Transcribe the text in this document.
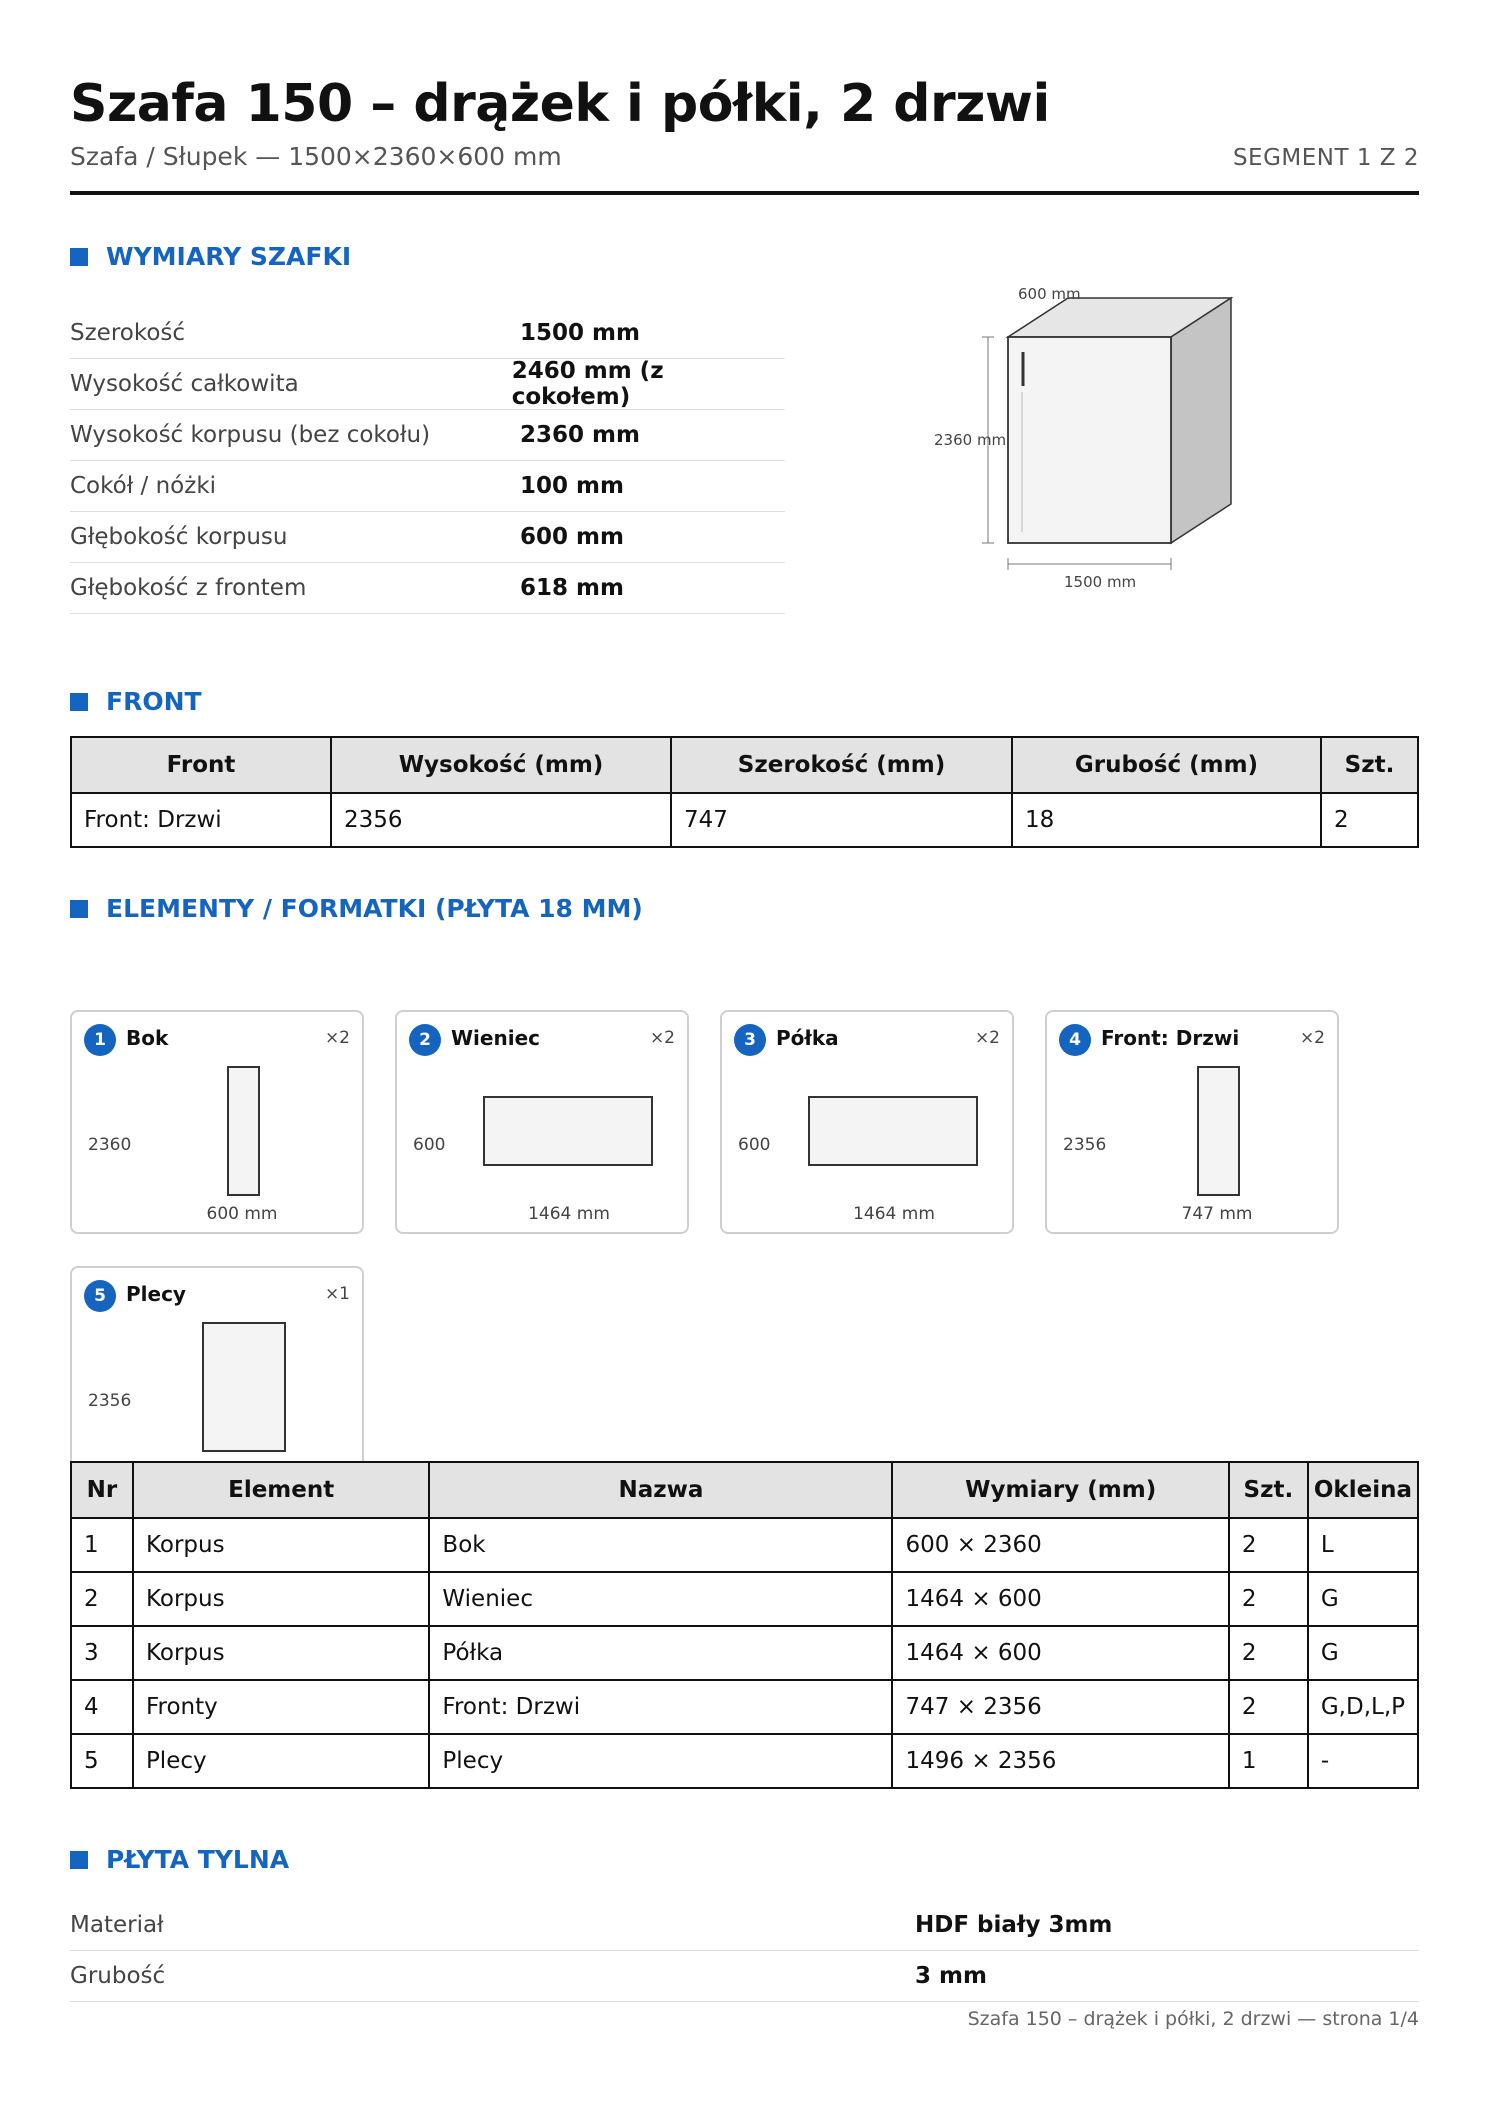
Szafa 150 – drążek i półki, 2 drzwi
Szafa / Słupek — 1500×2360×600 mm	SEGMENT 1 Z 2
WYMIARY SZAFKI
Szerokość	1500 mm
Wysokość całkowita	2460 mm (z cokołem)
Wysokość korpusu (bez cokołu)	2360 mm
Cokół / nóżki	100 mm
Głębokość korpusu	600 mm
Głębokość z frontem	618 mm
2360 mm
1500 mm
600 mm
FRONT
Front	Wysokość (mm)	Szerokość (mm)	Grubość (mm)	Szt.
Front: Drzwi	2356	747	18	2
ELEMENTY / FORMATKI (PŁYTA 18 MM)
1	Bok	×2
2360
600 mm
2	Wieniec	×2
600
1464 mm
3	Półka	×2
600
1464 mm
4	Front: Drzwi	×2
2356
747 mm
5	Plecy	×1
2356
Nr	Element	Nazwa	Wymiary (mm)	Szt.	Okleina
1	Korpus	Bok	600 × 2360	2	L
2	Korpus	Wieniec	1464 × 600	2	G
3	Korpus	Półka	1464 × 600	2	G
4	Fronty	Front: Drzwi	747 × 2356	2	G,D,L,P
5	Plecy	Plecy	1496 × 2356	1	-
PŁYTA TYLNA
Materiał	HDF biały 3mm
Grubość	3 mm
Szafa 150 – drążek i półki, 2 drzwi — strona 1/4
